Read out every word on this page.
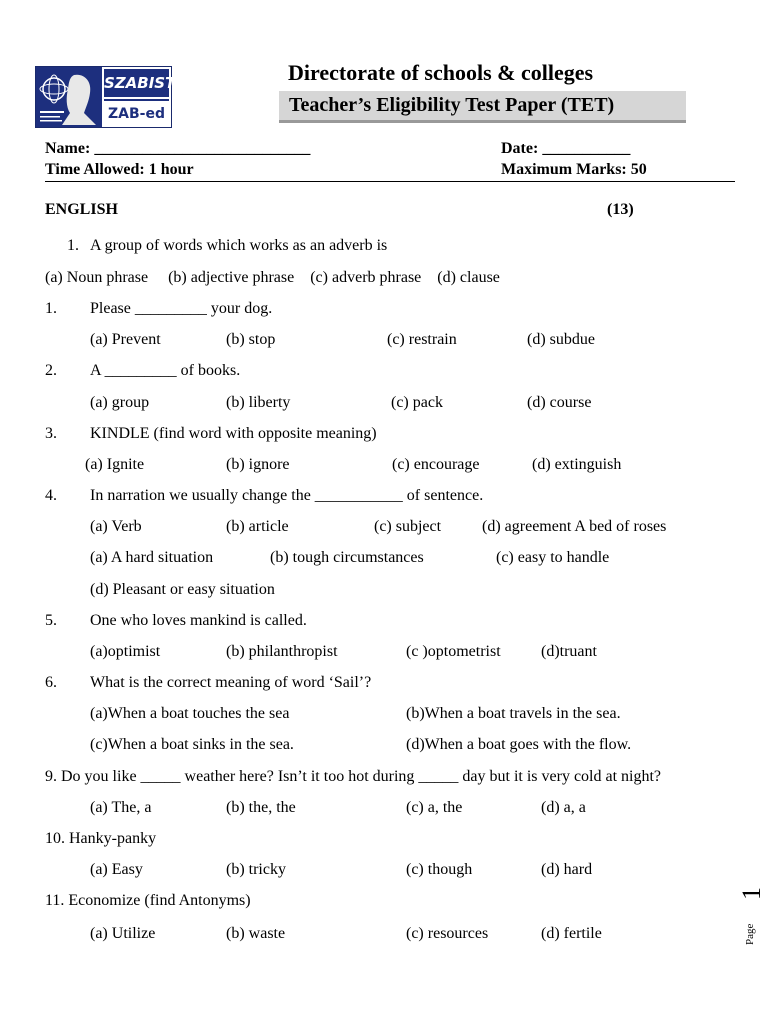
SZABIST
ZAB-ed
Directorate of schools & colleges
Teacher’s Eligibility Test Paper (TET)
Name: ___________________________	Date: ___________
Time Allowed: 1 hour	Maximum Marks: 50
ENGLISH	(13)
1. A group of words which works as an adverb is
(a) Noun phrase     (b) adjective phrase    (c) adverb phrase    (d) clause
1. Please _________ your dog.
(a) Prevent	(b) stop	(c) restrain	(d) subdue
2. A _________ of books.
(a) group	(b) liberty	(c) pack	(d) course
3. KINDLE (find word with opposite meaning)
(a) Ignite	(b) ignore	(c) encourage	(d) extinguish
4. In narration we usually change the ___________ of sentence.
(a) Verb	(b) article	(c) subject	(d) agreement A bed of roses
(a) A hard situation	(b) tough circumstances	(c) easy to handle
(d) Pleasant or easy situation
5. One who loves mankind is called.
(a)optimist	(b) philanthropist	(c )optometrist	(d)truant
6. What is the correct meaning of word ‘Sail’?
(a)When a boat touches the sea	(b)When a boat travels in the sea.
(c)When a boat sinks in the sea.	(d)When a boat goes with the flow.
9. Do you like _____ weather here? Isn’t it too hot during _____ day but it is very cold at night?
(a) The, a	(b) the, the	(c) a, the	(d) a, a
10. Hanky-panky
(a) Easy	(b) tricky	(c) though	(d) hard
11. Economize (find Antonyms)
(a) Utilize	(b) waste	(c) resources	(d) fertile	Page
1
